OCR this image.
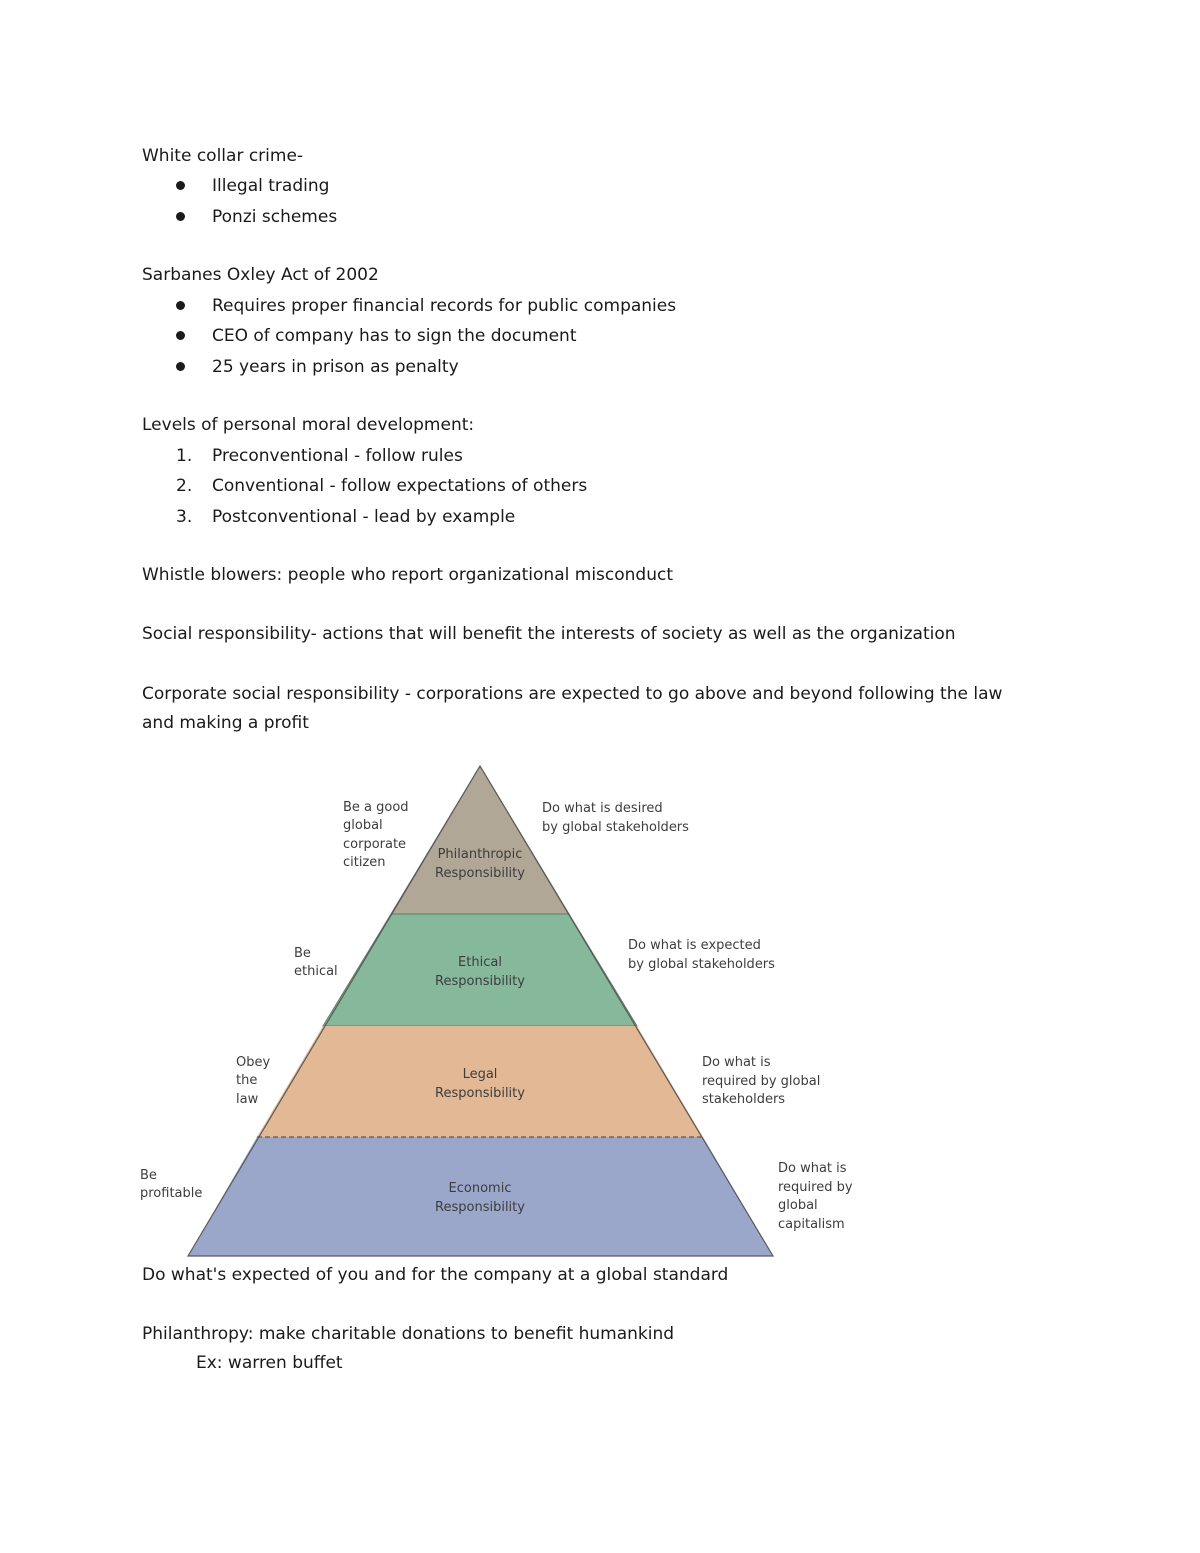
White collar crime-
Illegal trading
Ponzi schemes
Sarbanes Oxley Act of 2002
Requires proper financial records for public companies
CEO of company has to sign the document
25 years in prison as penalty
Levels of personal moral development:
1. Preconventional - follow rules
2. Conventional - follow expectations of others
3. Postconventional - lead by example
Whistle blowers: people who report organizational misconduct
Social responsibility- actions that will benefit the interests of society as well as the organization
Corporate social responsibility - corporations are expected to go above and beyond following the law
and making a profit
Philanthropic
Responsibility
Ethical
Responsibility
Legal
Responsibility
Economic
Responsibility
Be a good
global
corporate
citizen
Do what is desired
by global stakeholders
Be
ethical
Do what is expected
by global stakeholders
Obey
the
law
Do what is
required by global
stakeholders
Be
profitable
Do what is
required by
global
capitalism
Do what's expected of you and for the company at a global standard
Philanthropy: make charitable donations to benefit humankind
Ex: warren buffet
